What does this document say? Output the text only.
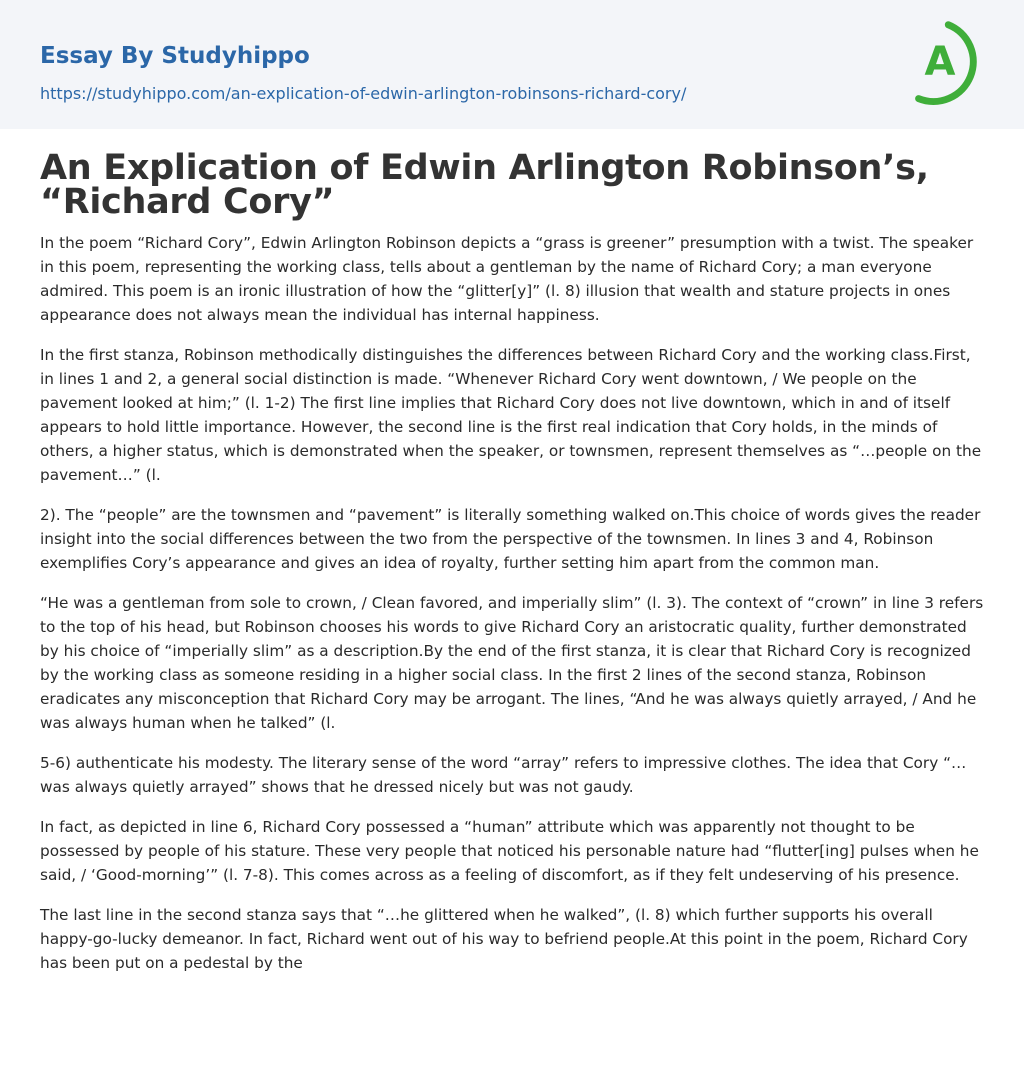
Essay By Studyhippo
https://studyhippo.com/an-explication-of-edwin-arlington-robinsons-richard-cory/
A
An Explication of Edwin Arlington Robinson’s, “Richard Cory”

In the poem “Richard Cory”, Edwin Arlington Robinson depicts a “grass is greener” presumption with a twist. The speaker in this poem, representing the working class, tells about a gentleman by the name of Richard Cory; a man everyone admired. This poem is an ironic illustration of how the “glitter[y]” (l. 8) illusion that wealth and stature projects in ones appearance does not always mean the individual has internal happiness.

In the first stanza, Robinson methodically distinguishes the differences between Richard Cory and the working class.First, in lines 1 and 2, a general social distinction is made. “Whenever Richard Cory went downtown, / We people on the pavement looked at him;” (l. 1-2) The first line implies that Richard Cory does not live downtown, which in and of itself appears to hold little importance. However, the second line is the first real indication that Cory holds, in the minds of others, a higher status, which is demonstrated when the speaker, or townsmen, represent themselves as “…people on the pavement…” (l.

2). The “people” are the townsmen and “pavement” is literally something walked on.This choice of words gives the reader insight into the social differences between the two from the perspective of the townsmen. In lines 3 and 4, Robinson exemplifies Cory’s appearance and gives an idea of royalty, further setting him apart from the common man.

“He was a gentleman from sole to crown, / Clean favored, and imperially slim” (l. 3). The context of “crown” in line 3 refers to the top of his head, but Robinson chooses his words to give Richard Cory an aristocratic quality, further demonstrated by his choice of “imperially slim” as a description.By the end of the first stanza, it is clear that Richard Cory is recognized by the working class as someone residing in a higher social class. In the first 2 lines of the second stanza, Robinson eradicates any misconception that Richard Cory may be arrogant. The lines, “And he was always quietly arrayed, / And he was always human when he talked” (l.

5-6) authenticate his modesty. The literary sense of the word “array” refers to impressive clothes. The idea that Cory “… was always quietly arrayed” shows that he dressed nicely but was not gaudy.

In fact, as depicted in line 6, Richard Cory possessed a “human” attribute which was apparently not thought to be possessed by people of his stature. These very people that noticed his personable nature had “flutter[ing] pulses when he said, / ‘Good-morning’” (l. 7-8). This comes across as a feeling of discomfort, as if they felt undeserving of his presence.

The last line in the second stanza says that “…he glittered when he walked”, (l. 8) which further supports his overall happy-go-lucky demeanor. In fact, Richard went out of his way to befriend people.At this point in the poem, Richard Cory has been put on a pedestal by the
